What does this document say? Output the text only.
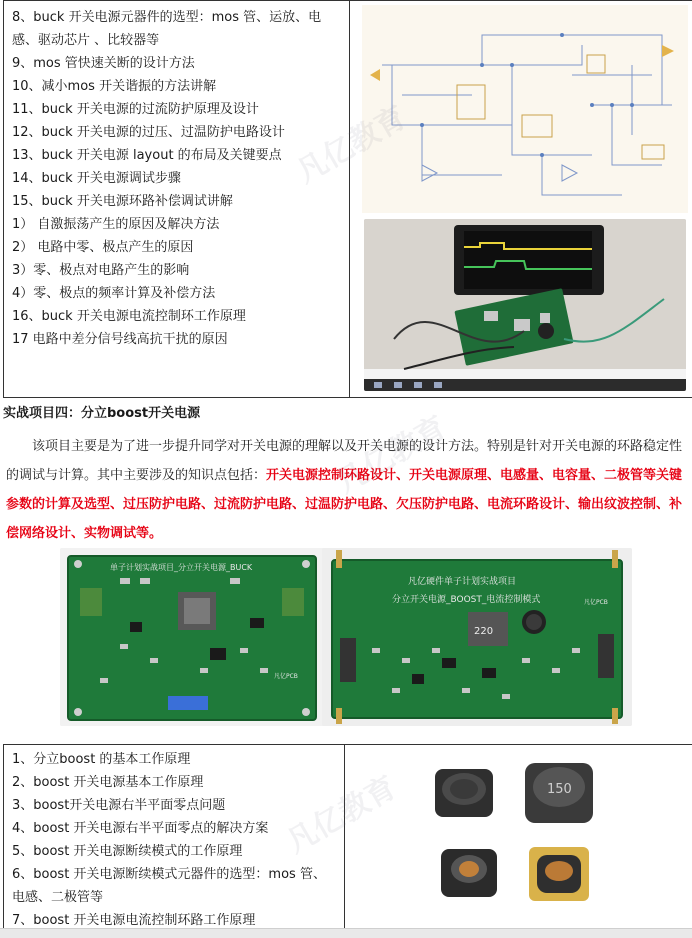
8、buck 开关电源元器件的选型：mos 管、运放、电
感、驱动芯片 、比较器等
9、mos 管快速关断的设计方法
10、减小mos 开关谐振的方法讲解
11、buck 开关电源的过流防护原理及设计
12、buck 开关电源的过压、过温防护电路设计
13、buck 开关电源 layout 的布局及关键要点
14、buck 开关电源调试步骤
15、buck 开关电源环路补偿调试讲解
1） 自激振荡产生的原因及解决方法
2） 电路中零、极点产生的原因
3）零、极点对电路产生的影响
4）零、极点的频率计算及补偿方法
16、buck 开关电源电流控制环工作原理
17 电路中差分信号线高抗干扰的原因
实战项目四：分立boost开关电源
该项目主要是为了进一步提升同学对开关电源的理解以及开关电源的设计方法。特别是针对开关电源的环路稳定性的调试与计算。其中主要涉及的知识点包括：开关电源控制环路设计、开关电源原理、电感量、电容量、二极管等关键参数的计算及选型、过压防护电路、过流防护电路、过温防护电路、欠压防护电路、电流环路设计、输出纹波控制、补偿网络设计、实物调试等。
单子计划实战项目_分立开关电源_BUCK
凡亿PCB
凡亿硬件单子计划实战项目
分立开关电源_BOOST_电流控制模式	凡亿PCB
220
1、分立boost 的基本工作原理
2、boost 开关电源基本工作原理
3、boost开关电源右半平面零点问题
4、boost 开关电源右半平面零点的解决方案
5、boost 开关电源断续模式的工作原理
6、boost 开关电源断续模式元器件的选型：mos 管、
电感、二极管等
7、boost 开关电源电流控制环路工作原理
150
凡亿教育
凡亿教育
凡亿教育
